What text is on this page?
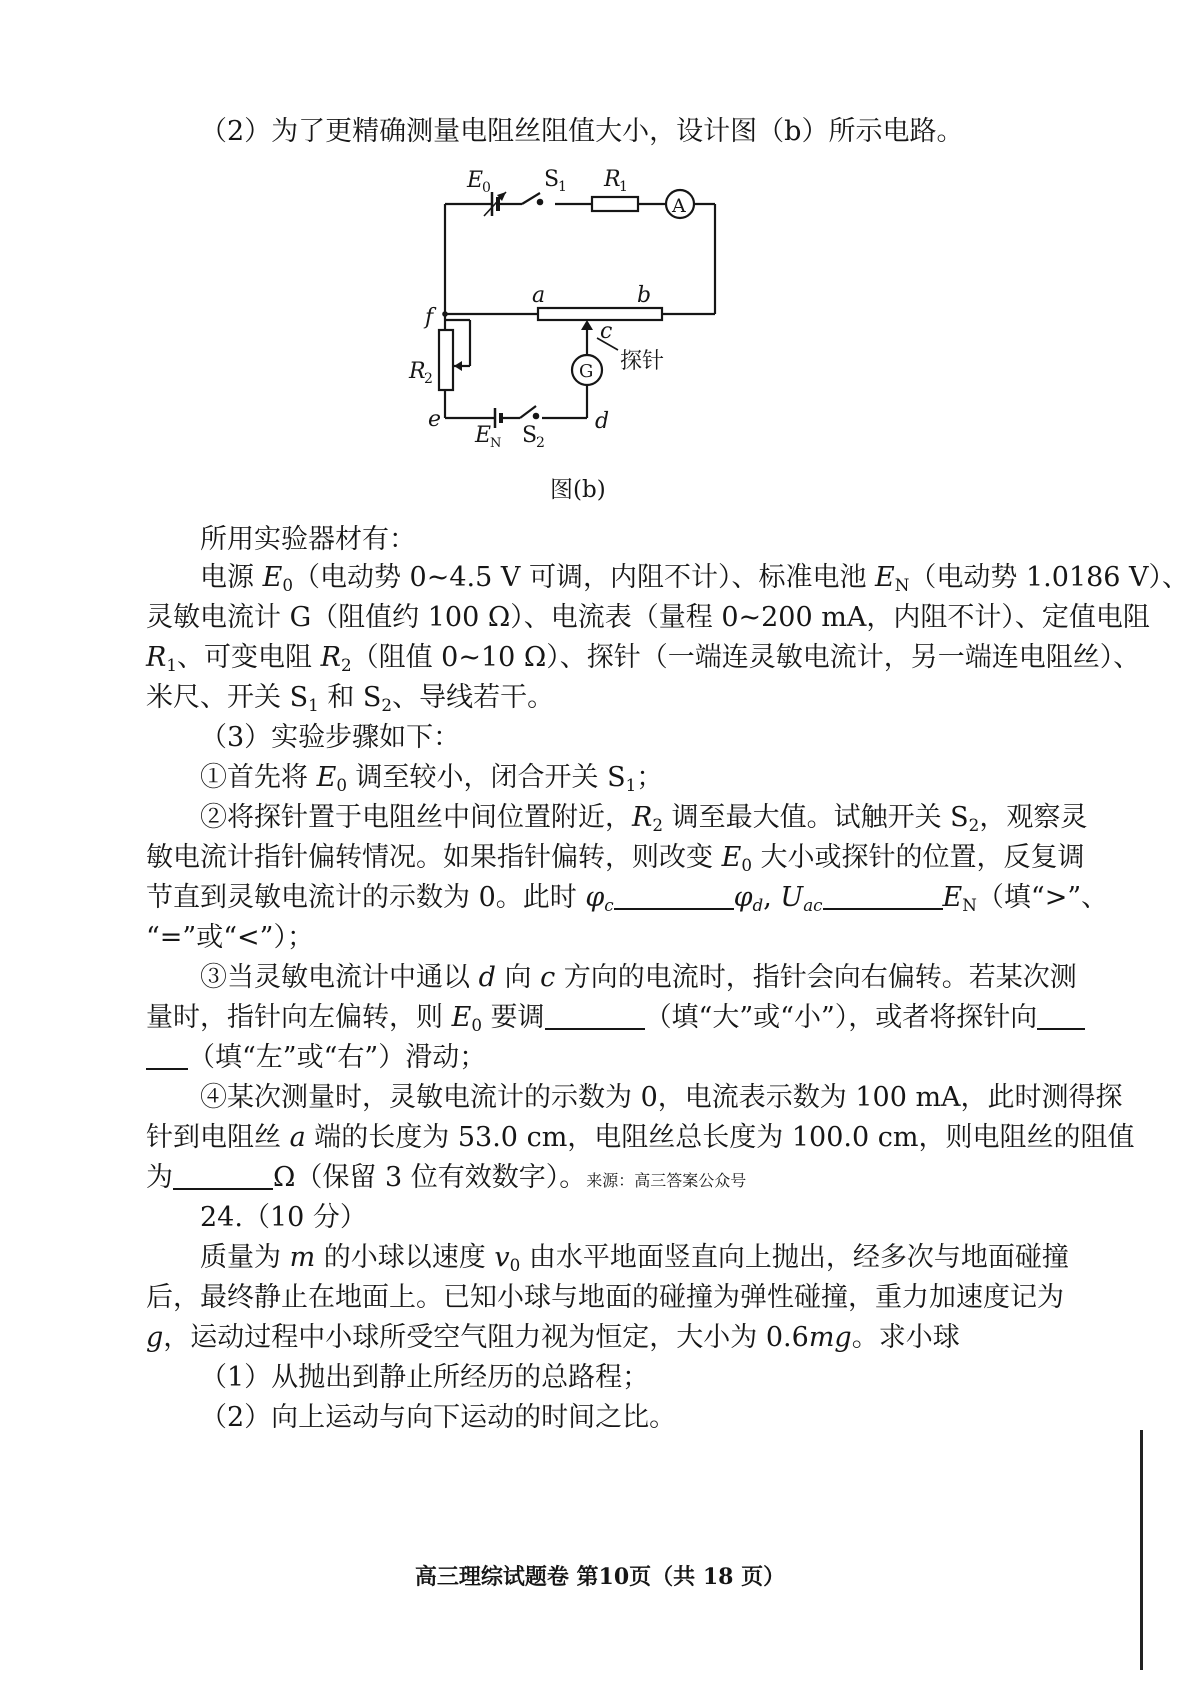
（2）为了更精确测量电阻丝阻值大小，设计图（b）所示电路。
E
0 S
1 R
1
A
a	b
c
f
探针
G
R
2
e
E
N S
2
d
图(b)
所用实验器材有：
电源 $E_0$（电动势 0~4.5 V 可调，内阻不计）、标准电池 $E_N$（电动势 1.0186 V）、
灵敏电流计 G（阻值约 100 Ω）、电流表（量程 0~200 mA，内阻不计）、定值电阻
$R_1$、可变电阻 $R_2$（阻值 0~10 Ω）、探针（一端连灵敏电流计，另一端连电阻丝）、
米尺、开关 $S_1$ 和 $S_2$、导线若干。
（3）实验步骤如下：
①首先将 $E_0$ 调至较小，闭合开关 $S_1$；
②将探针置于电阻丝中间位置附近，$R_2$ 调至最大值。试触开关 $S_2$，观察灵
敏电流计指针偏转情况。如果指针偏转，则改变 $E_0$ 大小或探针的位置，反复调
节直到灵敏电流计的示数为 0。此时 $\varphi_c$	$\varphi_d$, $U_{ac}$	$E_N$（填“>”、
“=”或“<”）；
③当灵敏电流计中通以 d 向 c 方向的电流时，指针会向右偏转。若某次测
量时，指针向左偏转，则 $E_0$ 要调	（填“大”或“小”），或者将探针向
（填“左”或“右”）滑动；
④某次测量时，灵敏电流计的示数为 0，电流表示数为 100 mA，此时测得探
针到电阻丝 a 端的长度为 53.0 cm，电阻丝总长度为 100.0 cm，则电阻丝的阻值
为	Ω（保留 3 位有效数字）。来源：高三答案公众号
24.（10 分）
质量为 m 的小球以速度 $v_0$ 由水平地面竖直向上抛出，经多次与地面碰撞
后，最终静止在地面上。已知小球与地面的碰撞为弹性碰撞，重力加速度记为
g，运动过程中小球所受空气阻力视为恒定，大小为 0.6mg。求小球
（1）从抛出到静止所经历的总路程；
（2）向上运动与向下运动的时间之比。
高三理综试题卷 第10页（共 18 页）
